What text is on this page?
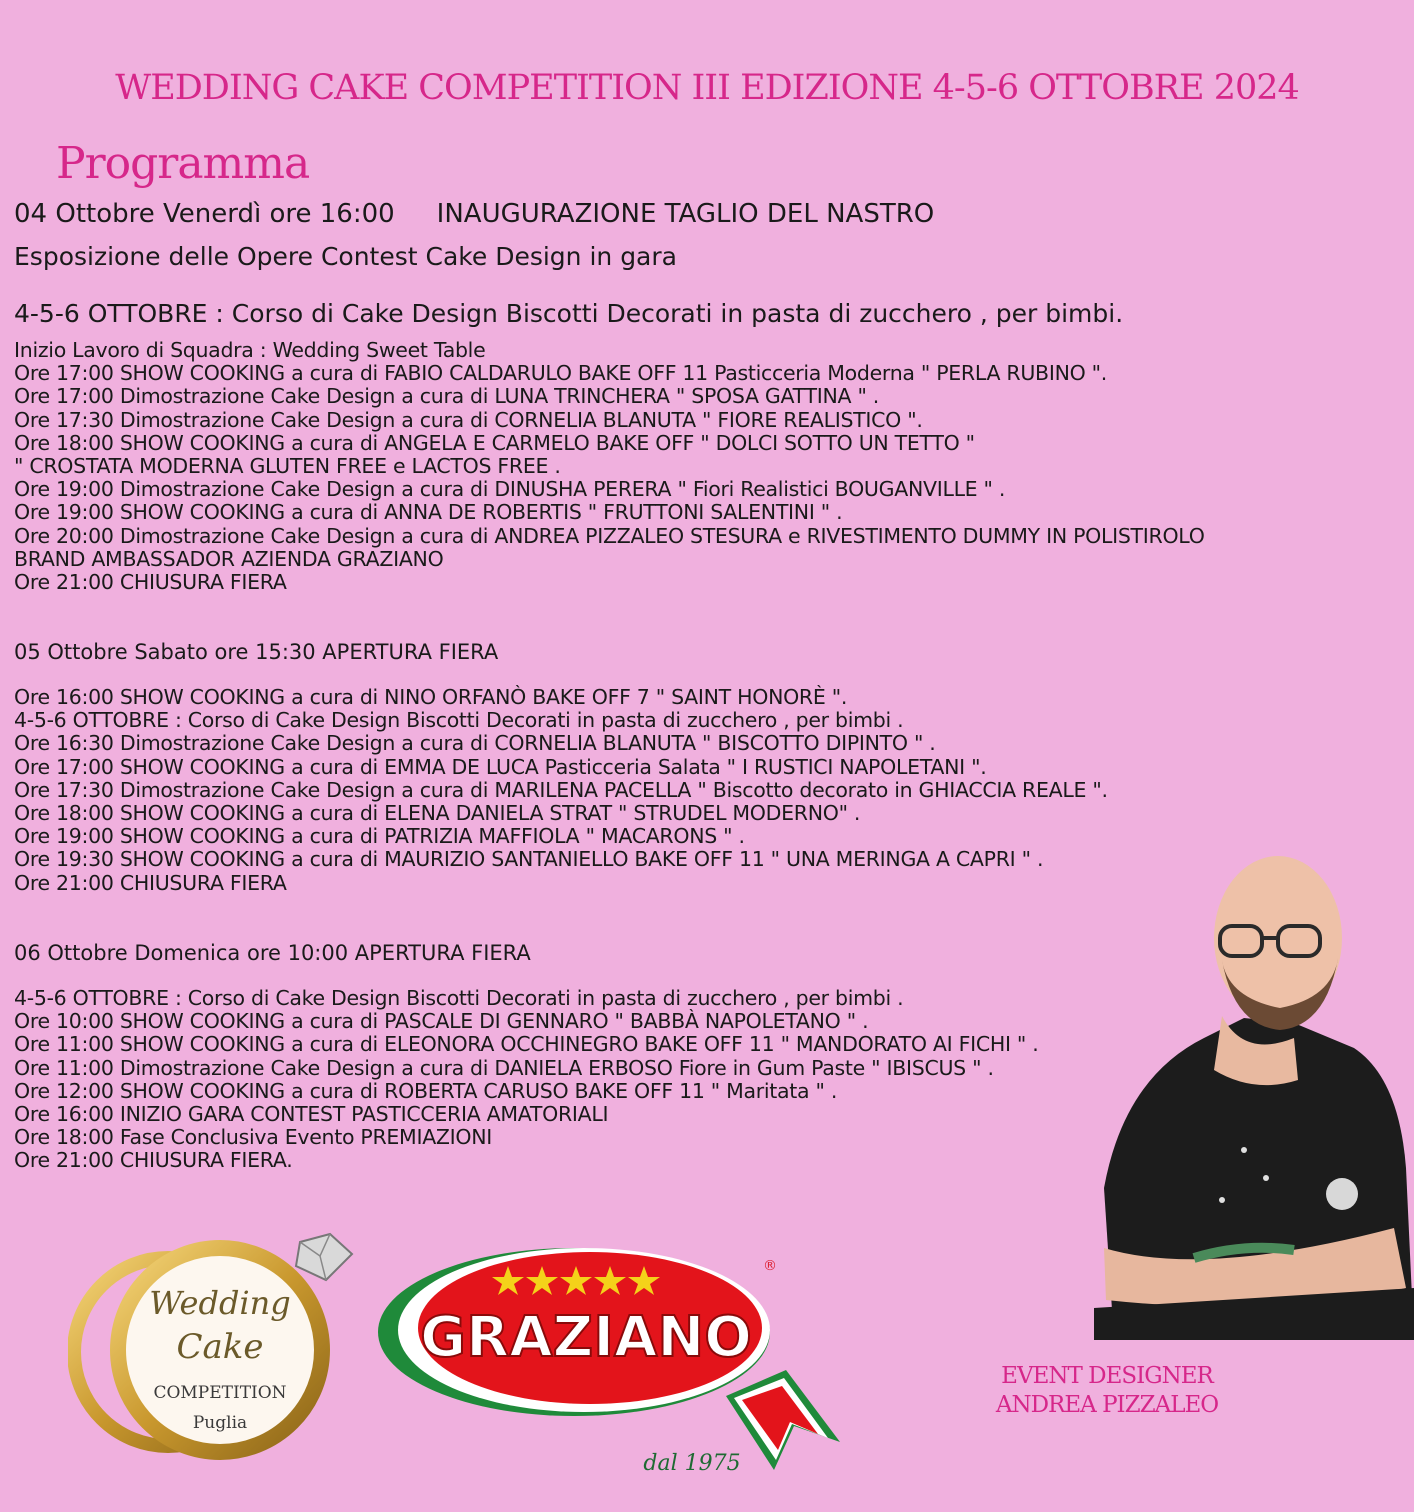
WEDDING CAKE COMPETITION III EDIZIONE 4-5-6 OTTOBRE 2024
Programma
04 Ottobre Venerdì ore 16:00 INAUGURAZIONE TAGLIO DEL NASTRO
Esposizione delle Opere Contest Cake Design in gara
4-5-6 OTTOBRE : Corso di Cake Design Biscotti Decorati in pasta di zucchero , per bimbi.
Inizio Lavoro di Squadra : Wedding Sweet Table
Ore 17:00 SHOW COOKING a cura di FABIO CALDARULO BAKE OFF 11 Pasticceria Moderna " PERLA RUBINO ".
Ore 17:00 Dimostrazione Cake Design a cura di LUNA TRINCHERA " SPOSA GATTINA " .
Ore 17:30 Dimostrazione Cake Design a cura di CORNELIA BLANUTA " FIORE REALISTICO ".
Ore 18:00 SHOW COOKING a cura di ANGELA E CARMELO BAKE OFF " DOLCI SOTTO UN TETTO "
" CROSTATA MODERNA GLUTEN FREE e LACTOS FREE .
Ore 19:00 Dimostrazione Cake Design a cura di DINUSHA PERERA " Fiori Realistici BOUGANVILLE " .
Ore 19:00 SHOW COOKING a cura di ANNA DE ROBERTIS " FRUTTONI SALENTINI " .
Ore 20:00 Dimostrazione Cake Design a cura di ANDREA PIZZALEO STESURA e RIVESTIMENTO DUMMY IN POLISTIROLO
BRAND AMBASSADOR AZIENDA GRAZIANO
Ore 21:00 CHIUSURA FIERA
05 Ottobre Sabato ore 15:30 APERTURA FIERA
Ore 16:00 SHOW COOKING a cura di NINO ORFANÒ BAKE OFF 7 " SAINT HONORÈ ".
4-5-6 OTTOBRE : Corso di Cake Design Biscotti Decorati in pasta di zucchero , per bimbi .
Ore 16:30 Dimostrazione Cake Design a cura di CORNELIA BLANUTA " BISCOTTO DIPINTO " .
Ore 17:00 SHOW COOKING a cura di EMMA DE LUCA Pasticceria Salata " I RUSTICI NAPOLETANI ".
Ore 17:30 Dimostrazione Cake Design a cura di MARILENA PACELLA " Biscotto decorato in GHIACCIA REALE ".
Ore 18:00 SHOW COOKING a cura di ELENA DANIELA STRAT " STRUDEL MODERNO" .
Ore 19:00 SHOW COOKING a cura di PATRIZIA MAFFIOLA " MACARONS " .
Ore 19:30 SHOW COOKING a cura di MAURIZIO SANTANIELLO BAKE OFF 11 " UNA MERINGA A CAPRI " .
Ore 21:00 CHIUSURA FIERA
06 Ottobre Domenica ore 10:00 APERTURA FIERA
4-5-6 OTTOBRE : Corso di Cake Design Biscotti Decorati in pasta di zucchero , per bimbi .
Ore 10:00 SHOW COOKING a cura di PASCALE DI GENNARO " BABBÀ NAPOLETANO " .
Ore 11:00 SHOW COOKING a cura di ELEONORA OCCHINEGRO BAKE OFF 11 " MANDORATO AI FICHI " .
Ore 11:00 Dimostrazione Cake Design a cura di DANIELA ERBOSO Fiore in Gum Paste " IBISCUS " .
Ore 12:00 SHOW COOKING a cura di ROBERTA CARUSO BAKE OFF 11 " Maritata " .
Ore 16:00 INIZIO GARA CONTEST PASTICCERIA AMATORIALI
Ore 18:00 Fase Conclusiva Evento PREMIAZIONI
Ore 21:00 CHIUSURA FIERA.
Wedding
Cake
COMPETITION
Puglia
GRAZIANO
®
dal 1975
EVENT DESIGNER
ANDREA PIZZALEO
